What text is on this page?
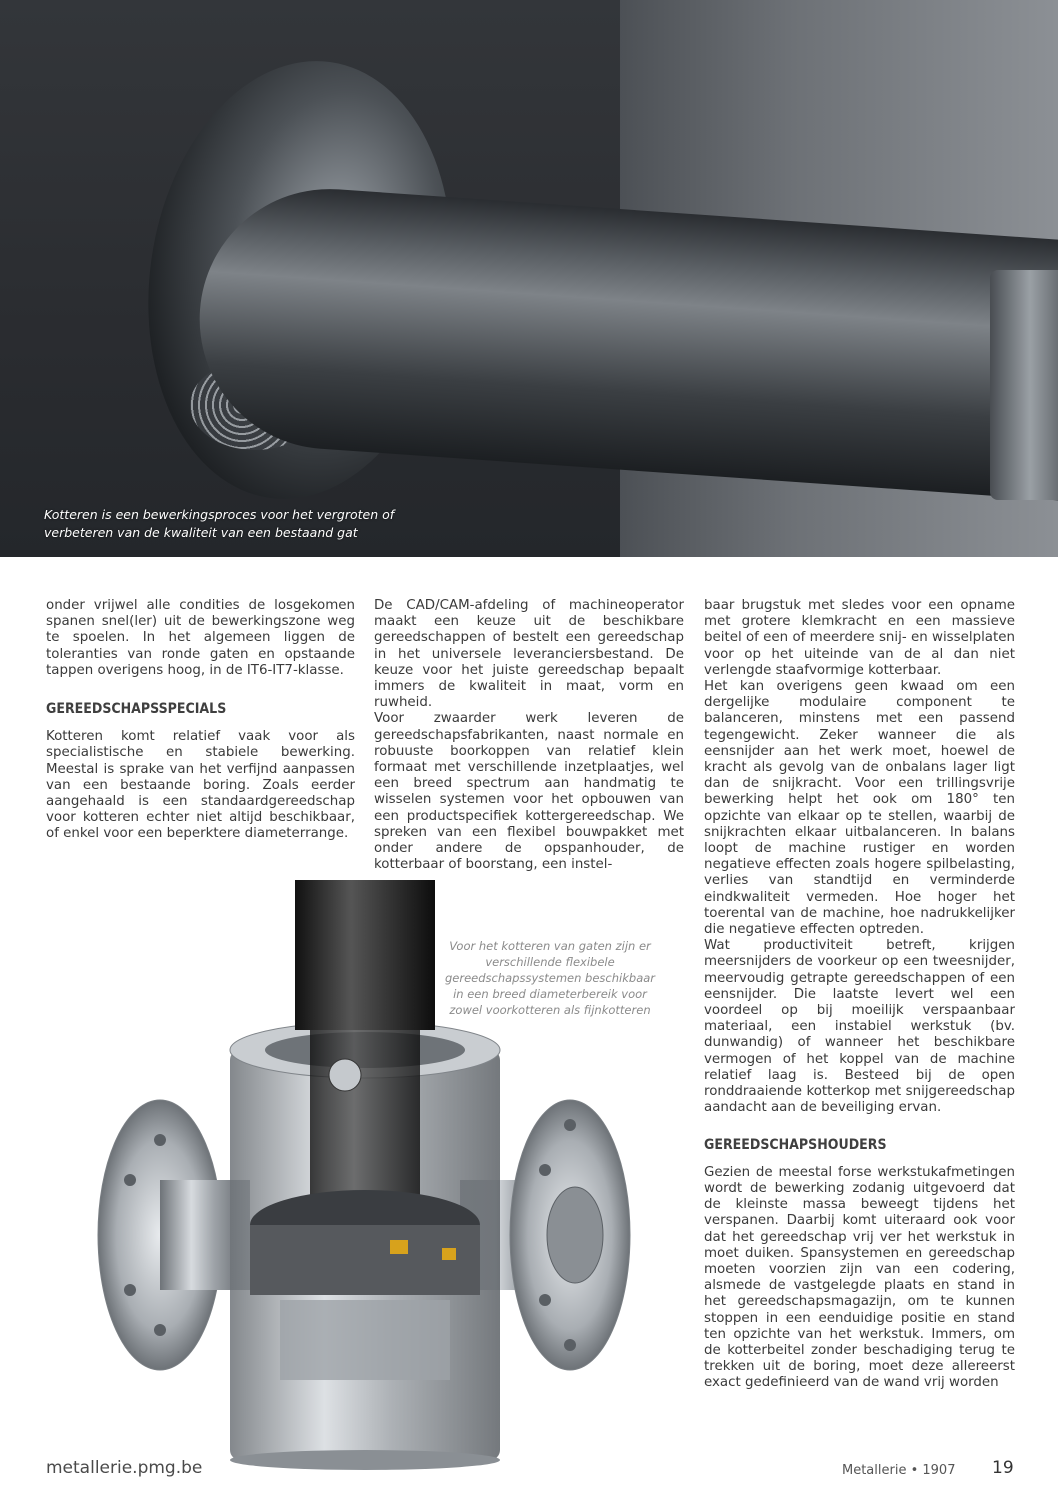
Kotteren is een bewerkingsproces voor het vergroten of verbeteren van de kwaliteit van een bestaand gat

onder vrijwel alle condities de losgekomen spanen snel(ler) uit de bewerkingszone weg te spoelen. In het algemeen liggen de toleranties van ronde gaten en opstaande tappen overigens hoog, in de IT6-IT7-klasse.

GEREEDSCHAPSSPECIALS

Kotteren komt relatief vaak voor als specialistische en stabiele bewerking. Meestal is sprake van het verfijnd aanpassen van een bestaande boring. Zoals eerder aangehaald is een standaardgereedschap voor kotteren echter niet altijd beschikbaar, of enkel voor een beperktere diameterrange.

De CAD/CAM-afdeling of machineoperator maakt een keuze uit de beschikbare gereedschappen of bestelt een gereedschap in het universele leveranciersbestand. De keuze voor het juiste gereedschap bepaalt immers de kwaliteit in maat, vorm en ruwheid.

Voor zwaarder werk leveren de gereedschapsfabrikanten, naast normale en robuuste boorkoppen van relatief klein formaat met verschillende inzetplaatjes, wel een breed spectrum aan handmatig te wisselen systemen voor het opbouwen van een productspecifiek kottergereedschap. We spreken van een flexibel bouwpakket met onder andere de opspanhouder, de kotterbaar of boorstang, een instel-

baar brugstuk met sledes voor een opname met grotere klemkracht en een massieve beitel of een of meerdere snij- en wisselplaten voor op het uiteinde van de al dan niet verlengde staafvormige kotterbaar.

Het kan overigens geen kwaad om een dergelijke modulaire component te balanceren, minstens met een passend tegengewicht. Zeker wanneer die als eensnijder aan het werk moet, hoewel de kracht als gevolg van de onbalans lager ligt dan de snijkracht. Voor een trillingsvrije bewerking helpt het ook om 180° ten opzichte van elkaar op te stellen, waarbij de snijkrachten elkaar uitbalanceren. In balans loopt de machine rustiger en worden negatieve effecten zoals hogere spilbelasting, verlies van standtijd en verminderde eindkwaliteit vermeden. Hoe hoger het toerental van de machine, hoe nadrukkelijker die negatieve effecten optreden.

Wat productiviteit betreft, krijgen meersnijders de voorkeur op een tweesnijder, meervoudig getrapte gereedschappen of een eensnijder. Die laatste levert wel een voordeel op bij moeilijk verspaanbaar materiaal, een instabiel werkstuk (bv. dunwandig) of wanneer het beschikbare vermogen of het koppel van de machine relatief laag is. Besteed bij de open ronddraaiende kotterkop met snijgereedschap aandacht aan de beveiliging ervan.

GEREEDSCHAPSHOUDERS

Gezien de meestal forse werkstukafmetingen wordt de bewerking zodanig uitgevoerd dat de kleinste massa beweegt tijdens het verspanen. Daarbij komt uiteraard ook voor dat het gereedschap vrij ver het werkstuk in moet duiken. Spansystemen en gereedschap moeten voorzien zijn van een codering, alsmede de vastgelegde plaats en stand in het gereedschapsmagazijn, om te kunnen stoppen in een eenduidige positie en stand ten opzichte van het werkstuk. Immers, om de kotterbeitel zonder beschadiging terug te trekken uit de boring, moet deze allereerst exact gedefinieerd van de wand vrij worden

Voor het kotteren van gaten zijn er verschillende flexibele gereedschapssystemen beschikbaar in een breed diameterbereik voor zowel voorkotteren als fijnkotteren
metallerie.pmg.be	Metallerie • 1907 19
